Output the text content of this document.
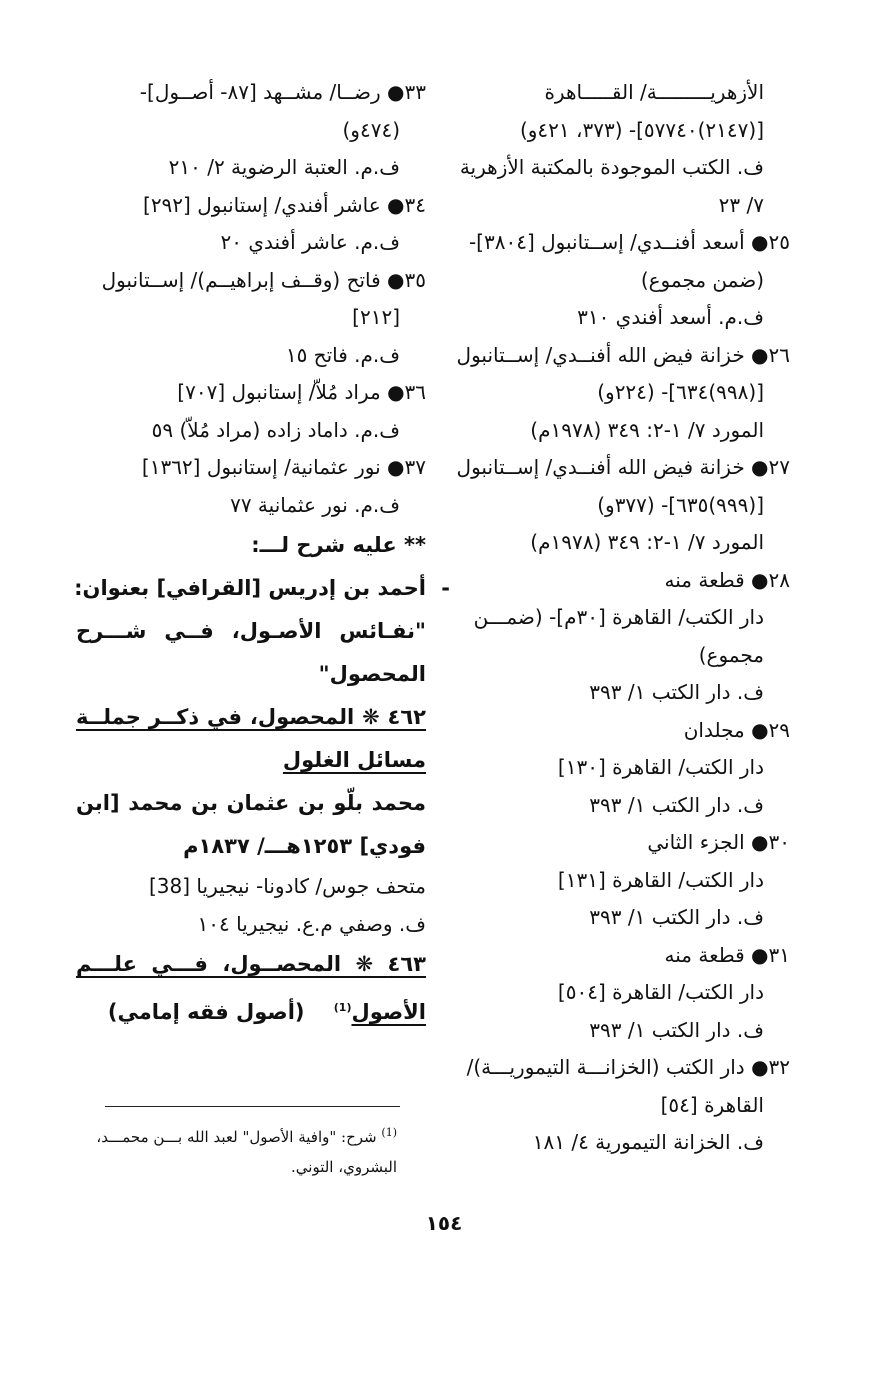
الأزهريـــــــــة/ القـــــاهرة
[(٢١٤٧)٥٧٧٤٠]- (٣٧٣، ٤٢١و)
ف. الكتب الموجودة بالمكتبة الأزهرية
٧/ ٢٣
٢٥● أسعد أفنــدي/ إســتانبول [٣٨٠٤]-
(ضمن مجموع)
ف.م. أسعد أفندي ٣١٠
٢٦● خزانة فيض الله أفنــدي/ إســتانبول
[(٩٩٨)٦٣٤]- (٢٢٤و)
المورد ٧/ ١-٢: ٣٤٩ (١٩٧٨م)
٢٧● خزانة فيض الله أفنــدي/ إســتانبول
[(٩٩٩)٦٣٥]- (٣٧٧و)
المورد ٧/ ١-٢: ٣٤٩ (١٩٧٨م)
٢٨● قطعة منه
دار الكتب/ القاهرة [٣٠م]- (ضمـــن
مجموع)
ف. دار الكتب ١/ ٣٩٣
٢٩● مجلدان
دار الكتب/ القاهرة [١٣٠]
ف. دار الكتب ١/ ٣٩٣
٣٠● الجزء الثاني
دار الكتب/ القاهرة [١٣١]
ف. دار الكتب ١/ ٣٩٣
٣١● قطعة منه
دار الكتب/ القاهرة [٥٠٤]
ف. دار الكتب ١/ ٣٩٣
٣٢● دار الكتب (الخزانـــة التيموريـــة)/
القاهرة [٥٤]
ف. الخزانة التيمورية ٤/ ١٨١
٣٣● رضــا/ مشــهد [٨٧- أصــول]-
(٤٧٤و)
ف.م. العتبة الرضوية ٢/ ٢١٠
٣٤● عاشر أفندي/ إستانبول [٢٩٢]
ف.م. عاشر أفندي ٢٠
٣٥● فاتح (وقــف إبراهيــم)/ إســتانبول
[٢١٢]
ف.م. فاتح ١٥
٣٦● مراد مُلاّ/ إستانبول [٧٠٧]
ف.م. داماد زاده (مراد مُلاّ) ٥٩
٣٧● نور عثمانية/ إستانبول [١٣٦٢]
ف.م. نور عثمانية ٧٧
** عليه شرح لـــ:
-
أحمد بن إدريس [القرافي] بعنوان:
"نفـائس الأصـول، فــي شـــرح
المحصول"
٤٦٢ ❋ المحصول، في ذكــر جملــة
مسائل الغلول
محمد بلّو بن عثمان بن محمد [ابن
فودي] ١٢٥٣هـــ/ ١٨٣٧م
متحف جوس/ كادونا- نيجيريا [38]
ف. وصفي م.ع. نيجيريا ١٠٤
٤٦٣ ❋ المحصــول، فـــي علـــم
الأصول$^{(1)}$    (أصول فقه إمامي)
$^{(1)}$ شرح: "وافية الأصول" لعبد الله بـــن محمـــد،
البشروي، التوني.
١٥٤
